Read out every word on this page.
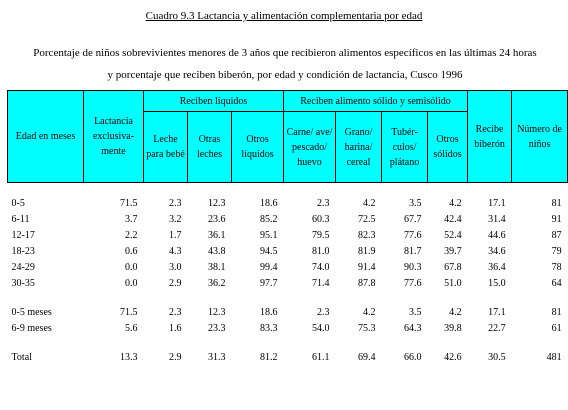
Cuadro 9.3 Lactancia y alimentación complementaria por edad
Porcentaje de niños sobrevivientes menores de 3 años que recibieron alimentos específicos en las últimas 24 horas y porcentaje que reciben biberón, por edad y condición de lactancia, Cusco 1996
Edad en meses	Lactancia exclusiva-mente	Reciben líquidos			Reciben alimento sólido y semisólido				Recibe biberón	Número de niños
		Leche para bebé	Otras leches	Otros líquidos	Carne/ ave/ pescado/ huevo	Grano/ harina/ cereal	Tubér-culos/ plátano	Otros sólidos		

0-5	71.5	2.3	12.3	18.6	2.3	4.2	3.5	4.2	17.1	81
6-11	3.7	3.2	23.6	85.2	60.3	72.5	67.7	42.4	31.4	91
12-17	2.2	1.7	36.1	95.1	79.5	82.3	77.6	52.4	44.6	87
18-23	0.6	4.3	43.8	94.5	81.0	81.9	81.7	39.7	34.6	79
24-29	0.0	3.0	38.1	99.4	74.0	91.4	90.3	67.8	36.4	78
30-35	0.0	2.9	36.2	97.7	71.4	87.8	77.6	51.0	15.0	64

0-5 meses	71.5	2.3	12.3	18.6	2.3	4.2	3.5	4.2	17.1	81
6-9 meses	5.6	1.6	23.3	83.3	54.0	75.3	64.3	39.8	22.7	61

Total	13.3	2.9	31.3	81.2	61.1	69.4	66.0	42.6	30.5	481
